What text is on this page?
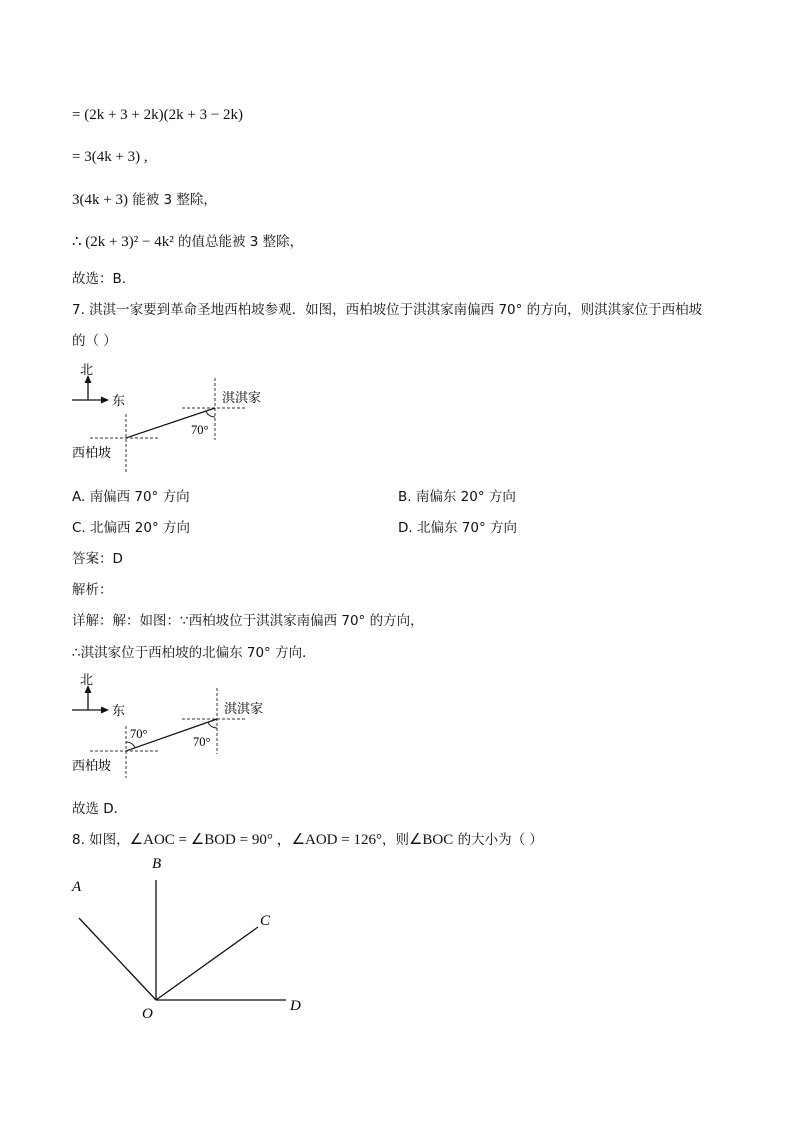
= (2k + 3 + 2k)(2k + 3 − 2k)
= 3(4k + 3) ,
3(4k + 3) 能被 3 整除，
∴ (2k + 3)² − 4k² 的值总能被 3 整除，
故选：B．
7. 淇淇一家要到革命圣地西柏坡参观．如图，西柏坡位于淇淇家南偏西 70° 的方向，则淇淇家位于西柏坡
的（ ）
北
东	淇淇家
70°
西柏坡
A. 南偏西 70° 方向	B. 南偏东 20° 方向
C. 北偏西 20° 方向	D. 北偏东 70° 方向
答案：D
解析：
详解：解：如图：∵西柏坡位于淇淇家南偏西 70° 的方向，
∴淇淇家位于西柏坡的北偏东 70° 方向．
北
东	淇淇家
70°
70°
西柏坡
故选 D．
8. 如图，∠AOC = ∠BOD = 90° ，∠AOD = 126°，则∠BOC 的大小为（ ）
A
B
C
D
O
